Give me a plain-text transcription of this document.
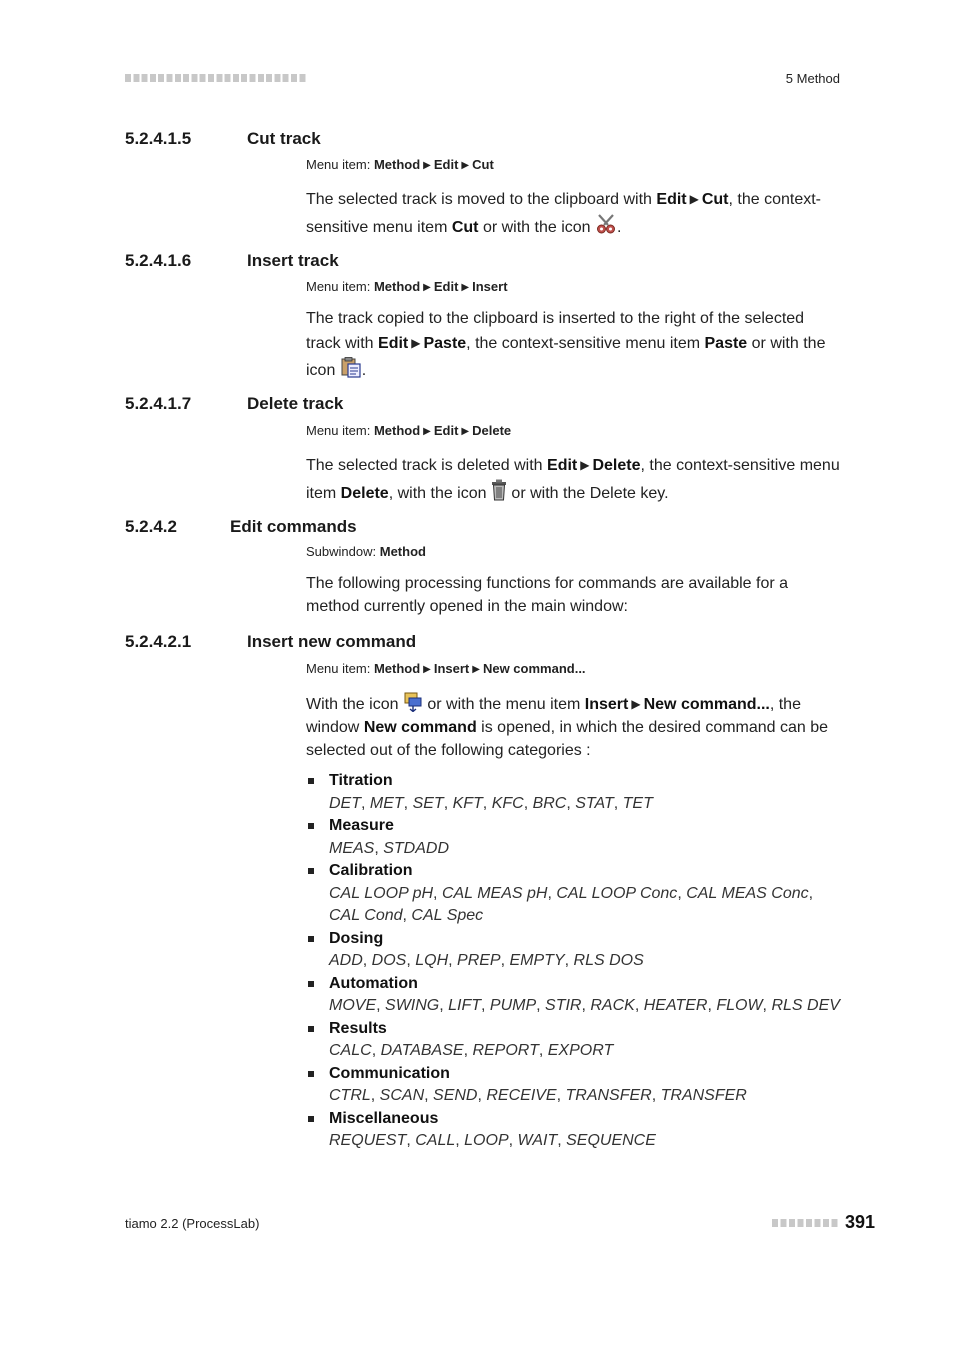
5 Method
5.2.4.1.5	Cut track
Menu item: Method ▶ Edit ▶ Cut
The selected track is moved to the clipboard with Edit ▶ Cut, the context-sensitive menu item Cut or with the icon .
5.2.4.1.6	Insert track
Menu item: Method ▶ Edit ▶ Insert
The track copied to the clipboard is inserted to the right of the selected track with Edit ▶ Paste, the context-sensitive menu item Paste or with the icon .
5.2.4.1.7	Delete track
Menu item: Method ▶ Edit ▶ Delete
The selected track is deleted with Edit ▶ Delete, the context-sensitive menu item Delete, with the icon  or with the Delete key.
5.2.4.2	Edit commands
Subwindow: Method
The following processing functions for commands are available for a method currently opened in the main window:
5.2.4.2.1	Insert new command
Menu item: Method ▶ Insert ▶ New command...
With the icon  or with the menu item Insert ▶ New command..., the window New command is opened, in which the desired command can be selected out of the following categories :
Titration
DET, MET, SET, KFT, KFC, BRC, STAT, TET
Measure
MEAS, STDADD
Calibration
CAL LOOP pH, CAL MEAS pH, CAL LOOP Conc, CAL MEAS Conc, CAL Cond, CAL Spec
Dosing
ADD, DOS, LQH, PREP, EMPTY, RLS DOS
Automation
MOVE, SWING, LIFT, PUMP, STIR, RACK, HEATER, FLOW, RLS DEV
Results
CALC, DATABASE, REPORT, EXPORT
Communication
CTRL, SCAN, SEND, RECEIVE, TRANSFER, TRANSFER
Miscellaneous
REQUEST, CALL, LOOP, WAIT, SEQUENCE
tiamo 2.2 (ProcessLab)	391
